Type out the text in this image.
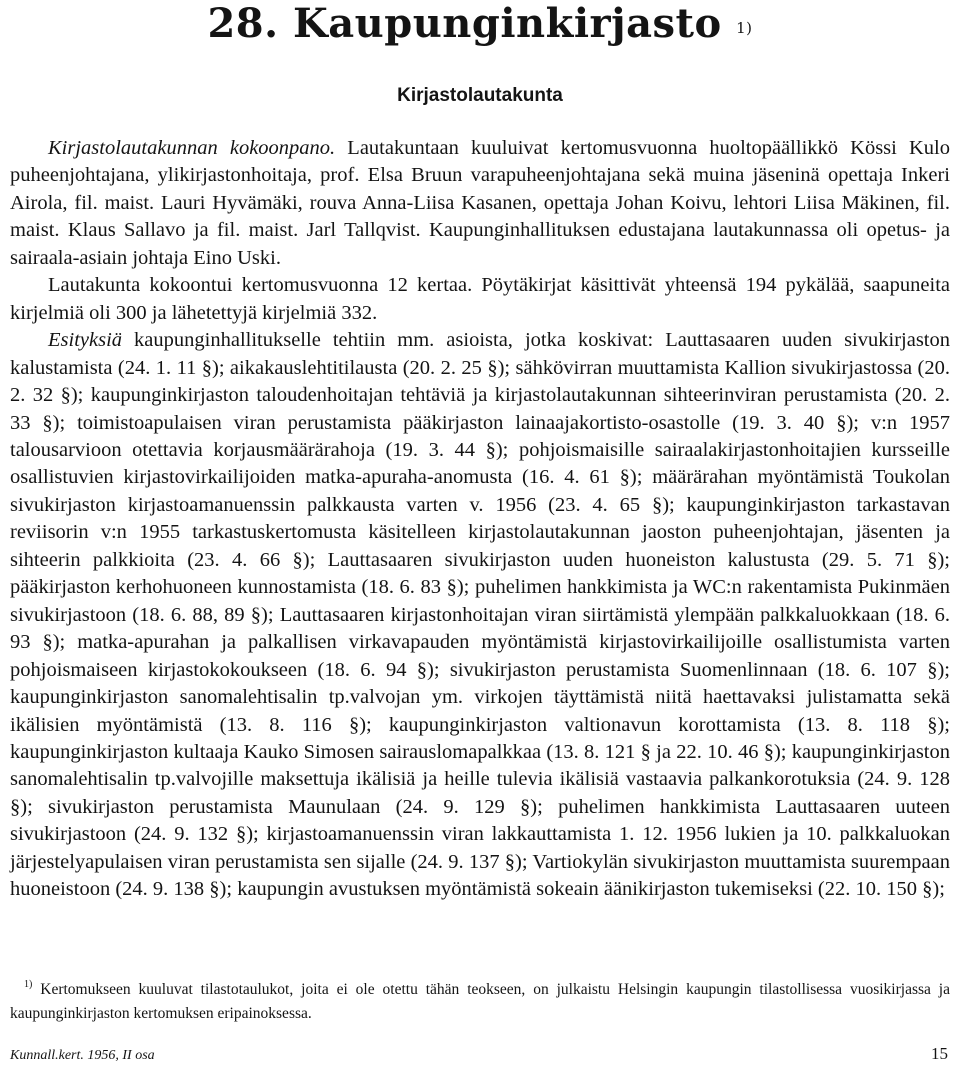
28. Kaupunginkirjasto $^{1)}$
Kirjastolautakunta

Kirjastolautakunnan kokoonpano. Lautakuntaan kuuluivat kertomusvuonna huoltopäällikkö Kössi Kulo puheenjohtajana, ylikirjastonhoitaja, prof. Elsa Bruun varapuheenjohtajana sekä muina jäseninä opettaja Inkeri Airola, fil. maist. Lauri Hyvämäki, rouva Anna-Liisa Kasanen, opettaja Johan Koivu, lehtori Liisa Mäkinen, fil. maist. Klaus Sallavo ja fil. maist. Jarl Tallqvist. Kaupunginhallituksen edustajana lautakunnassa oli opetus- ja sairaala-asiain johtaja Eino Uski.

Lautakunta kokoontui kertomusvuonna 12 kertaa. Pöytäkirjat käsittivät yhteensä 194 pykälää, saapuneita kirjelmiä oli 300 ja lähetettyjä kirjelmiä 332.

Esityksiä kaupunginhallitukselle tehtiin mm. asioista, jotka koskivat: Lauttasaaren uuden sivukirjaston kalustamista (24. 1. 11 §); aikakauslehtitilausta (20. 2. 25 §); sähkövirran muuttamista Kallion sivukirjastossa (20. 2. 32 §); kaupunginkirjaston taloudenhoitajan tehtäviä ja kirjastolautakunnan sihteerinviran perustamista (20. 2. 33 §); toimistoapulaisen viran perustamista pääkirjaston lainaajakortisto-osastolle (19. 3. 40 §); v:n 1957 talousarvioon otettavia korjausmäärärahoja (19. 3. 44 §); pohjoismaisille sairaalakirjastonhoitajien kursseille osallistuvien kirjastovirkailijoiden matka-apuraha-anomusta (16. 4. 61 §); määrärahan myöntämistä Toukolan sivukirjaston kirjastoamanuenssin palkkausta varten v. 1956 (23. 4. 65 §); kaupunginkirjaston tarkastavan reviisorin v:n 1955 tarkastuskertomusta käsitelleen kirjastolautakunnan jaoston puheenjohtajan, jäsenten ja sihteerin palkkioita (23. 4. 66 §); Lauttasaaren sivukirjaston uuden huoneiston kalustusta (29. 5. 71 §); pääkirjaston kerhohuoneen kunnostamista (18. 6. 83 §); puhelimen hankkimista ja WC:n rakentamista Pukinmäen sivukirjastoon (18. 6. 88, 89 §); Lauttasaaren kirjastonhoitajan viran siirtämistä ylempään palkkaluokkaan (18. 6. 93 §); matka-apurahan ja palkallisen virkavapauden myöntämistä kirjastovirkailijoille osallistumista varten pohjoismaiseen kirjastokokoukseen (18. 6. 94 §); sivukirjaston perustamista Suomenlinnaan (18. 6. 107 §); kaupunginkirjaston sanomalehtisalin tp.valvojan ym. virkojen täyttämistä niitä haettavaksi julistamatta sekä ikälisien myöntämistä (13. 8. 116 §); kaupunginkirjaston valtionavun korottamista (13. 8. 118 §); kaupunginkirjaston kultaaja Kauko Simosen sairauslomapalkkaa (13. 8. 121 § ja 22. 10. 46 §); kaupunginkirjaston sanomalehtisalin tp.valvojille maksettuja ikälisiä ja heille tulevia ikälisiä vastaavia palkankorotuksia (24. 9. 128 §); sivukirjaston perustamista Maunulaan (24. 9. 129 §); puhelimen hankkimista Lauttasaaren uuteen sivukirjastoon (24. 9. 132 §); kirjastoamanuenssin viran lakkauttamista 1. 12. 1956 lukien ja 10. palkkaluokan järjestelyapulaisen viran perustamista sen sijalle (24. 9. 137 §); Vartiokylän sivukirjaston muuttamista suurempaan huoneistoon (24. 9. 138 §); kaupungin avustuksen myöntämistä sokeain äänikirjaston tukemiseksi (22. 10. 150 §);

$^{1)}$ Kertomukseen kuuluvat tilastotaulukot, joita ei ole otettu tähän teokseen, on julkaistu Helsingin kaupungin tilastollisessa vuosikirjassa ja kaupunginkirjaston kertomuksen eripainoksessa.

Kunnall.kert. 1956, II osa	15
